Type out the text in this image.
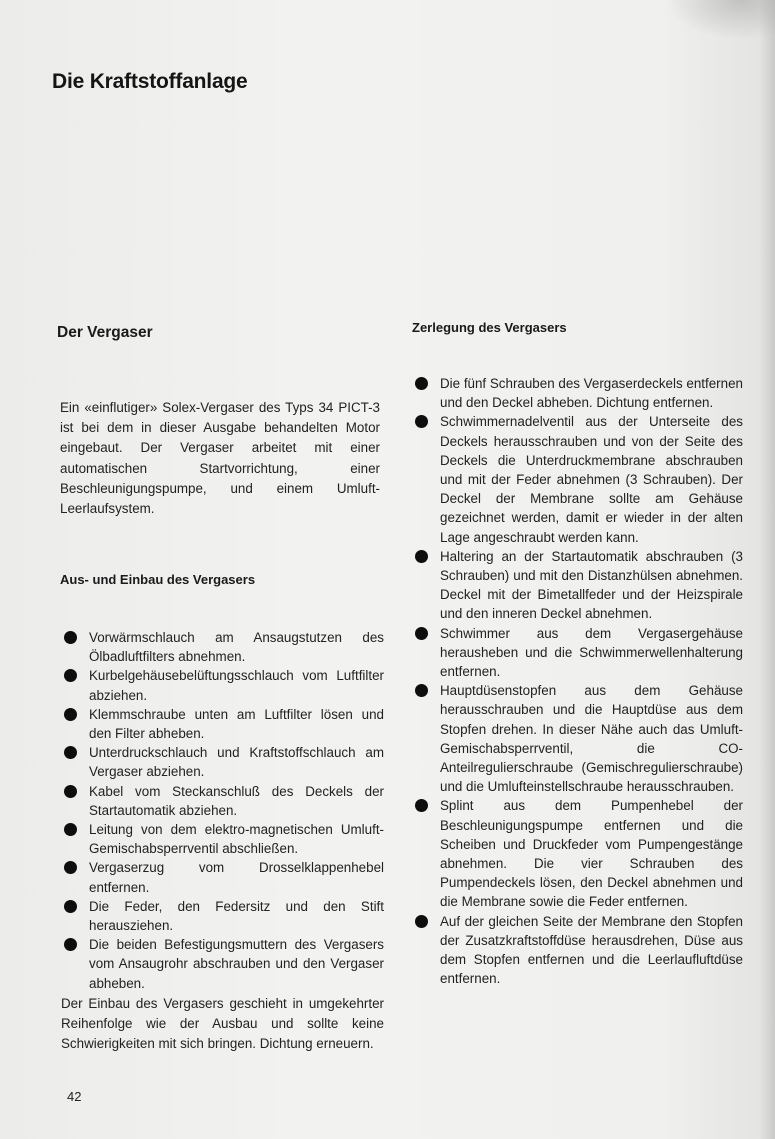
Die Kraftstoffanlage
Der Vergaser

Ein «einflutiger» Solex-Vergaser des Typs 34 PICT-3 ist bei dem in dieser Ausgabe behandelten Motor eingebaut. Der Vergaser arbeitet mit einer automatischen Startvorrichtung, einer Beschleunigungspumpe, und einem Umluft-Leerlaufsystem.

Aus- und Einbau des Vergasers
Vorwärmschlauch am Ansaugstutzen des Ölbadluftfilters abnehmen.
Kurbelgehäusebelüftungsschlauch vom Luftfilter abziehen.
Klemmschraube unten am Luftfilter lösen und den Filter abheben.
Unterdruckschlauch und Kraftstoffschlauch am Vergaser abziehen.
Kabel vom Steckanschluß des Deckels der Startautomatik abziehen.
Leitung von dem elektro-magnetischen Umluft-Gemischabsperrventil abschließen.
Vergaserzug vom Drosselklappenhebel entfernen.
Die Feder, den Federsitz und den Stift herausziehen.
Die beiden Befestigungsmuttern des Vergasers vom Ansaugrohr abschrauben und den Vergaser abheben.

Der Einbau des Vergasers geschieht in umgekehrter Reihenfolge wie der Ausbau und sollte keine Schwierigkeiten mit sich bringen. Dichtung erneuern.

42
Zerlegung des Vergasers
Die fünf Schrauben des Vergaserdeckels entfernen und den Deckel abheben. Dichtung entfernen.
Schwimmernadelventil aus der Unterseite des Deckels herausschrauben und von der Seite des Deckels die Unterdruckmembrane abschrauben und mit der Feder abnehmen (3 Schrauben). Der Deckel der Membrane sollte am Gehäuse gezeichnet werden, damit er wieder in der alten Lage angeschraubt werden kann.
Haltering an der Startautomatik abschrauben (3 Schrauben) und mit den Distanzhülsen abnehmen. Deckel mit der Bimetallfeder und der Heizspirale und den inneren Deckel abnehmen.
Schwimmer aus dem Vergasergehäuse herausheben und die Schwimmerwellenhalterung entfernen.
Hauptdüsenstopfen aus dem Gehäuse herausschrauben und die Hauptdüse aus dem Stopfen drehen. In dieser Nähe auch das Umluft-Gemischabsperrventil, die CO-Anteilregulierschraube (Gemischregulierschraube) und die Umlufteinstellschraube herausschrauben.
Splint aus dem Pumpenhebel der Beschleunigungspumpe entfernen und die Scheiben und Druckfeder vom Pumpengestänge abnehmen. Die vier Schrauben des Pumpendeckels lösen, den Deckel abnehmen und die Membrane sowie die Feder entfernen.
Auf der gleichen Seite der Membrane den Stopfen der Zusatzkraftstoffdüse herausdrehen, Düse aus dem Stopfen entfernen und die Leerlaufluftdüse entfernen.
